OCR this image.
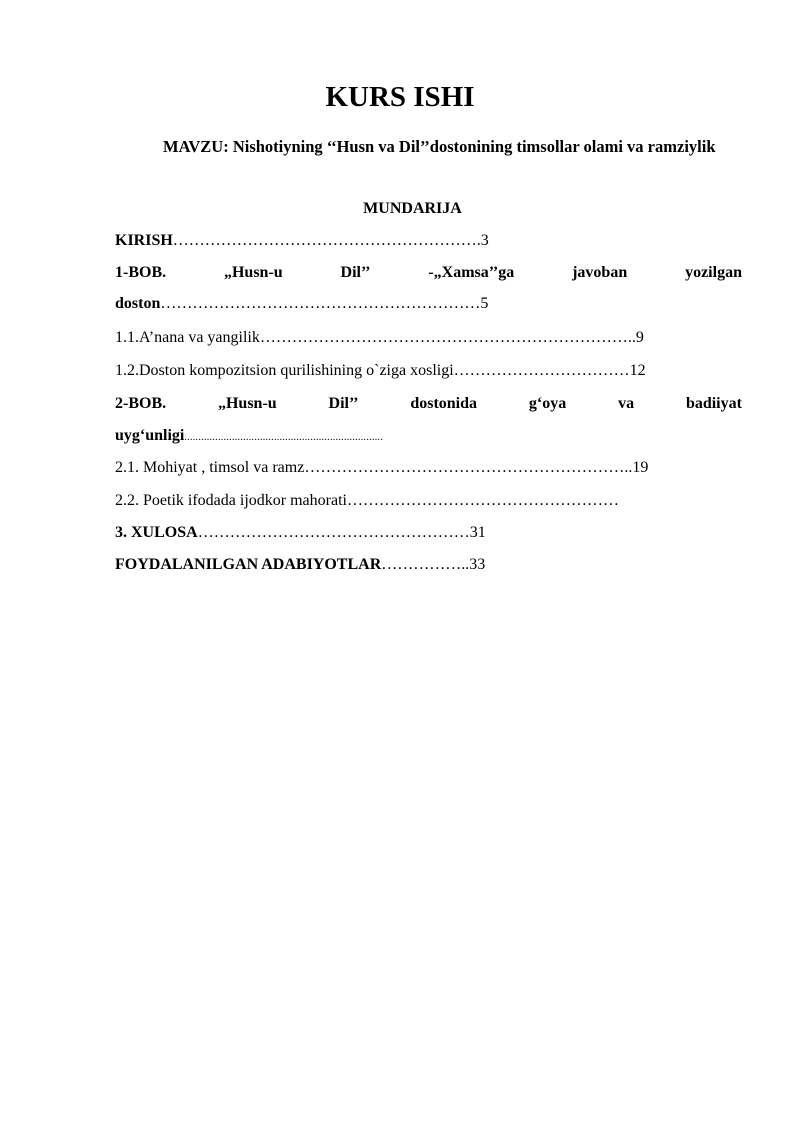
KURS ISHI

MAVZU: Nishotiyning ‘‘Husn va Dil’’dostonining timsollar olami va ramziylik

MUNDARIJA

KIRISH………………………………………………….3
1-BOB.	„Husn-u	Dil’’	-„Xamsa’’ga	javoban	yozilgan
doston……………………………………………………5
1.1.A’nana va yangilik……………………………………………………………..9
1.2.Doston kompozitsion qurilishining o`ziga xosligi……………………………12
2-BOB.	„Husn-u	Dil’’	dostonida	g‘oya	va	badiiyat
uyg‘unligi.......................................................................
2.1. Mohiyat , timsol va ramz……………………………………………………..19
2.2. Poetik ifodada ijodkor mahorati……………………………………………
3. XULOSA……………………………………………31
FOYDALANILGAN ADABIYOTLAR……………..33
